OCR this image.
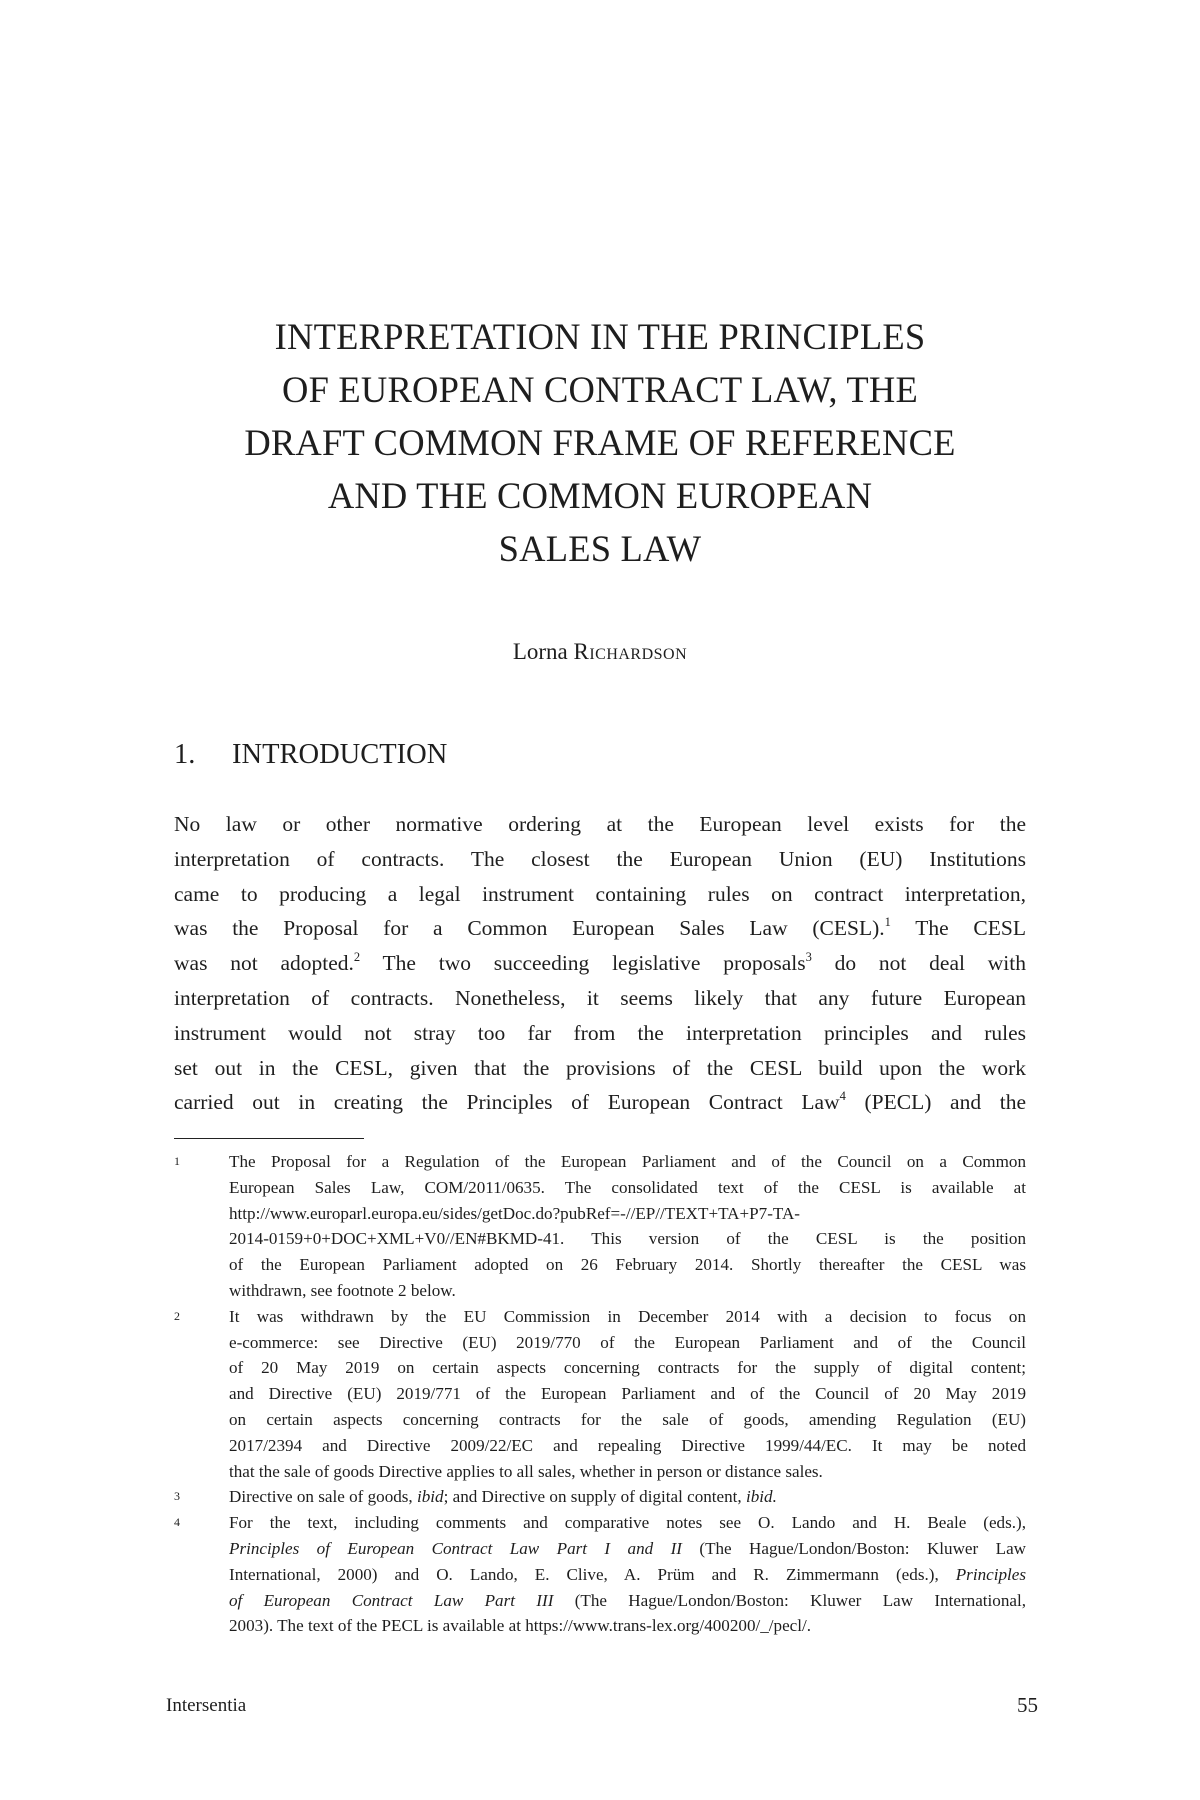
INTERPRETATION IN THE PRINCIPLES
OF EUROPEAN CONTRACT LAW, THE
DRAFT COMMON FRAME OF REFERENCE
AND THE COMMON EUROPEAN
SALES LAW
Lorna Richardson
1. INTRODUCTION
No law or other normative ordering at the European level exists for the
interpretation of contracts. The closest the European Union (EU) Institutions
came to producing a legal instrument containing rules on contract interpretation,
was the Proposal for a Common European Sales Law (CESL).$^1$ The CESL
was not adopted.$^2$ The two succeeding legislative proposals$^3$ do not deal with
interpretation of contracts. Nonetheless, it seems likely that any future European
instrument would not stray too far from the interpretation principles and rules
set out in the CESL, given that the provisions of the CESL build upon the work
carried out in creating the Principles of European Contract Law$^4$ (PECL) and the
1	The Proposal for a Regulation of the European Parliament and of the Council on a Common
European Sales Law, COM/2011/0635. The consolidated text of the CESL is available at
http://www.europarl.europa.eu/sides/getDoc.do?pubRef=-//EP//TEXT+TA+P7-TA-
2014-0159+0+DOC+XML+V0//EN#BKMD-41. This version of the CESL is the position
of the European Parliament adopted on 26 February 2014. Shortly thereafter the CESL was
withdrawn, see footnote 2 below.
2	It was withdrawn by the EU Commission in December 2014 with a decision to focus on
e-commerce: see Directive (EU) 2019/770 of the European Parliament and of the Council
of 20 May 2019 on certain aspects concerning contracts for the supply of digital content;
and Directive (EU) 2019/771 of the European Parliament and of the Council of 20 May 2019
on certain aspects concerning contracts for the sale of goods, amending Regulation (EU)
2017/2394 and Directive 2009/22/EC and repealing Directive 1999/44/EC. It may be noted
that the sale of goods Directive applies to all sales, whether in person or distance sales.
3	Directive on sale of goods, ibid; and Directive on supply of digital content, ibid.
4	For the text, including comments and comparative notes see O. Lando and H. Beale (eds.),
Principles of European Contract Law Part I and II (The Hague/London/Boston: Kluwer Law
International, 2000) and O. Lando, E. Clive, A. Prüm and R. Zimmermann (eds.), Principles
of European Contract Law Part III (The Hague/London/Boston: Kluwer Law International,
2003). The text of the PECL is available at https://www.trans-lex.org/400200/_/pecl/.
Intersentia	55
